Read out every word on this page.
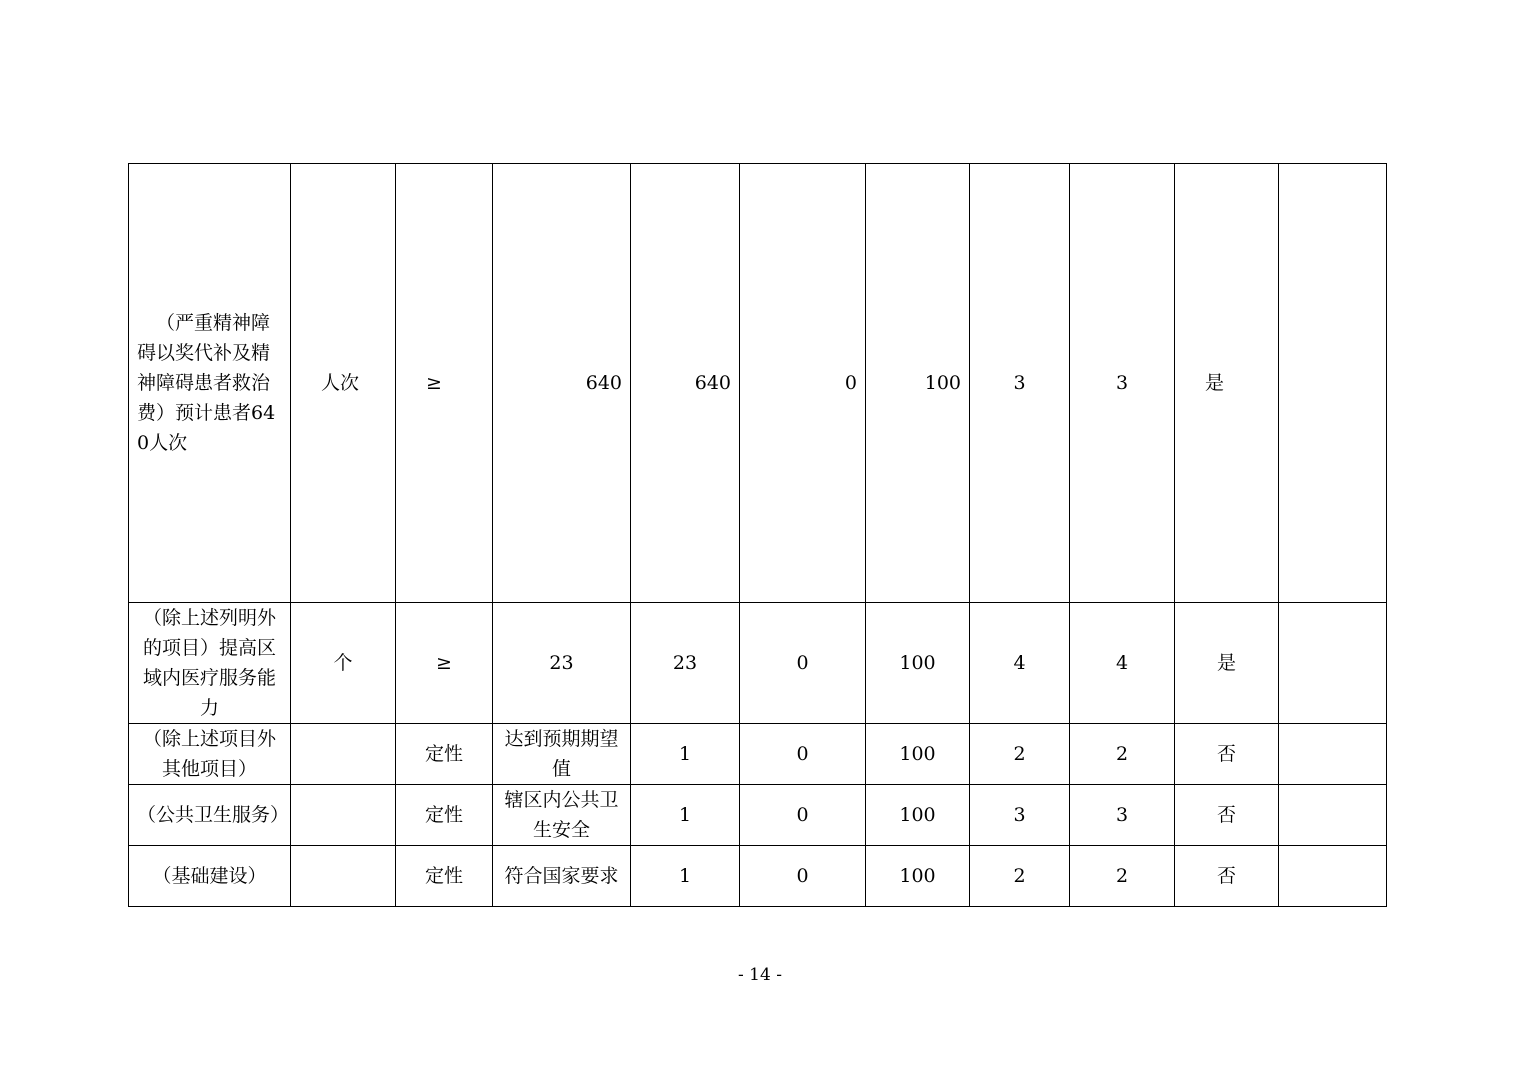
（严重精神障碍以奖代补及精神障碍患者救治费）预计患者640人次	人次	≥	640	640	0	100	3	3	是	
（除上述列明外的项目）提高区域内医疗服务能力	个	≥	23	23	0	100	4	4	是	
（除上述项目外其他项目）		定性	达到预期期望值	1	0	100	2	2	否	
（公共卫生服务）		定性	辖区内公共卫生安全	1	0	100	3	3	否	
（基础建设）		定性	符合国家要求	1	0	100	2	2	否	
- 14 -
